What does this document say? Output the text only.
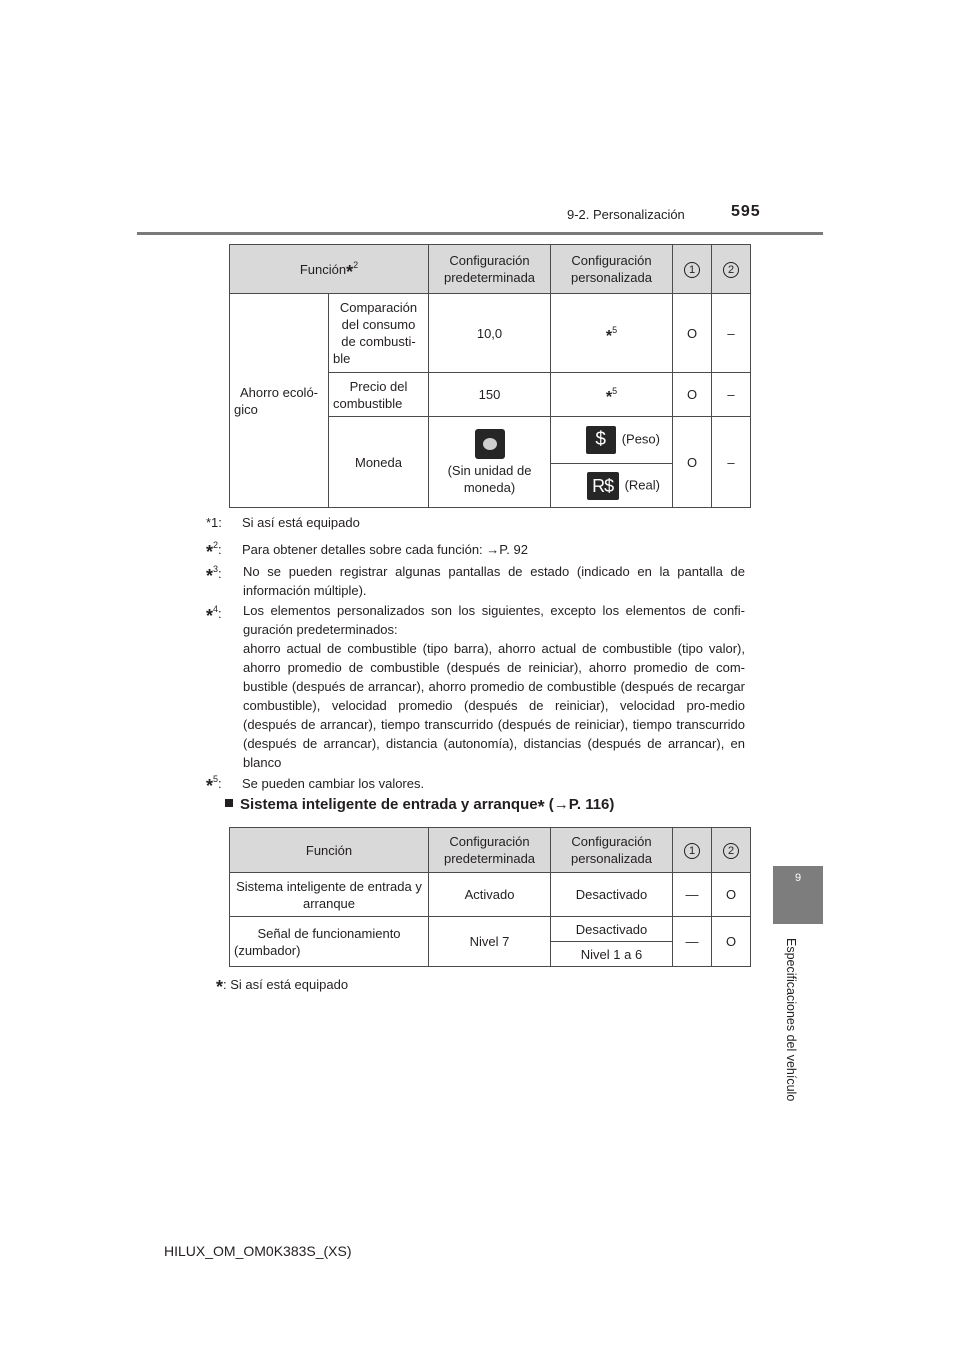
9-2. Personalización	595
9
Especificaciones del vehículo
Función*$^2$		Configuración predeterminada	Configuración personalizada	1	2
Ahorro ecoló-gico	Comparación del consumo de combusti-ble	10,0	*$^5$	O	–
	Precio del combustible	150	*$^5$	O	–
	Moneda	(Sin unidad de moneda)	$ (Peso)	O	–
			R$ (Real)		
*1: Si así está equipado
*$^2$: Para obtener detalles sobre cada función: →P. 92
*$^3$:	No se pueden registrar algunas pantallas de estado (indicado en la pantalla de información múltiple).
*$^4$:	Los elementos personalizados son los siguientes, excepto los elementos de confi-guración predeterminados:
ahorro actual de combustible (tipo barra), ahorro actual de combustible (tipo valor), ahorro promedio de combustible (después de reiniciar), ahorro promedio de com-bustible (después de arrancar), ahorro promedio de combustible (después de recargar combustible), velocidad promedio (después de reiniciar), velocidad pro-medio (después de arrancar), tiempo transcurrido (después de reiniciar), tiempo transcurrido (después de arrancar), distancia (autonomía), distancias (después de arrancar), en blanco
*$^5$: Se pueden cambiar los valores.
Sistema inteligente de entrada y arranque* (→P. 116)
Función	Configuración predeterminada	Configuración personalizada	1	2
Sistema inteligente de entrada y arranque	Activado	Desactivado	—	O
Señal de funcionamiento (zumbador)	Nivel 7	Desactivado	—	O
		Nivel 1 a 6		
*: Si así está equipado
HILUX_OM_OM0K383S_(XS)
